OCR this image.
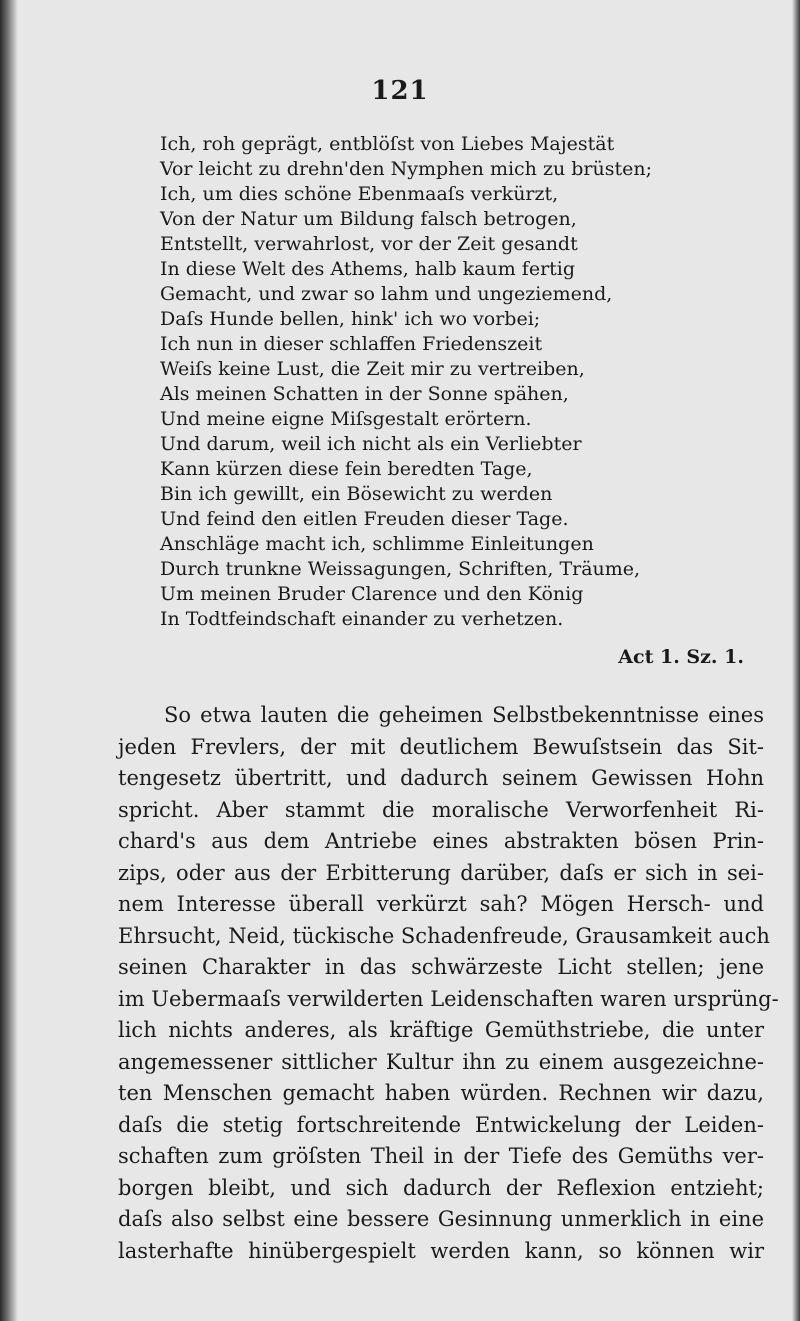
121
Ich, roh geprägt, entblöſst von Liebes Majestät
Vor leicht zu drehn'den Nymphen mich zu brüsten;
Ich, um dies schöne Ebenmaaſs verkürzt,
Von der Natur um Bildung falsch betrogen,
Entstellt, verwahrlost, vor der Zeit gesandt
In diese Welt des Athems, halb kaum fertig
Gemacht, und zwar so lahm und ungeziemend,
Daſs Hunde bellen, hink' ich wo vorbei;
Ich nun in dieser schlaffen Friedenszeit
Weiſs keine Lust, die Zeit mir zu vertreiben,
Als meinen Schatten in der Sonne spähen,
Und meine eigne Miſsgestalt erörtern.
Und darum, weil ich nicht als ein Verliebter
Kann kürzen diese fein beredten Tage,
Bin ich gewillt, ein Bösewicht zu werden
Und feind den eitlen Freuden dieser Tage.
Anschläge macht ich, schlimme Einleitungen
Durch trunkne Weissagungen, Schriften, Träume,
Um meinen Bruder Clarence und den König
In Todtfeindschaft einander zu verhetzen.
Act 1. Sz. 1.
So etwa lauten die geheimen Selbstbekenntnisse eines
jeden Frevlers, der mit deutlichem Bewuſstsein das Sit-
tengesetz übertritt, und dadurch seinem Gewissen Hohn
spricht. Aber stammt die moralische Verworfenheit Ri-
chard's aus dem Antriebe eines abstrakten bösen Prin-
zips, oder aus der Erbitterung darüber, daſs er sich in sei-
nem Interesse überall verkürzt sah? Mögen Hersch- und
Ehrsucht, Neid, tückische Schadenfreude, Grausamkeit auch
seinen Charakter in das schwärzeste Licht stellen; jene
im Uebermaaſs verwilderten Leidenschaften waren ursprüng-
lich nichts anderes, als kräftige Gemüthstriebe, die unter
angemessener sittlicher Kultur ihn zu einem ausgezeichne-
ten Menschen gemacht haben würden. Rechnen wir dazu,
daſs die stetig fortschreitende Entwickelung der Leiden-
schaften zum gröſsten Theil in der Tiefe des Gemüths ver-
borgen bleibt, und sich dadurch der Reflexion entzieht;
daſs also selbst eine bessere Gesinnung unmerklich in eine
lasterhafte hinübergespielt werden kann, so können wir
